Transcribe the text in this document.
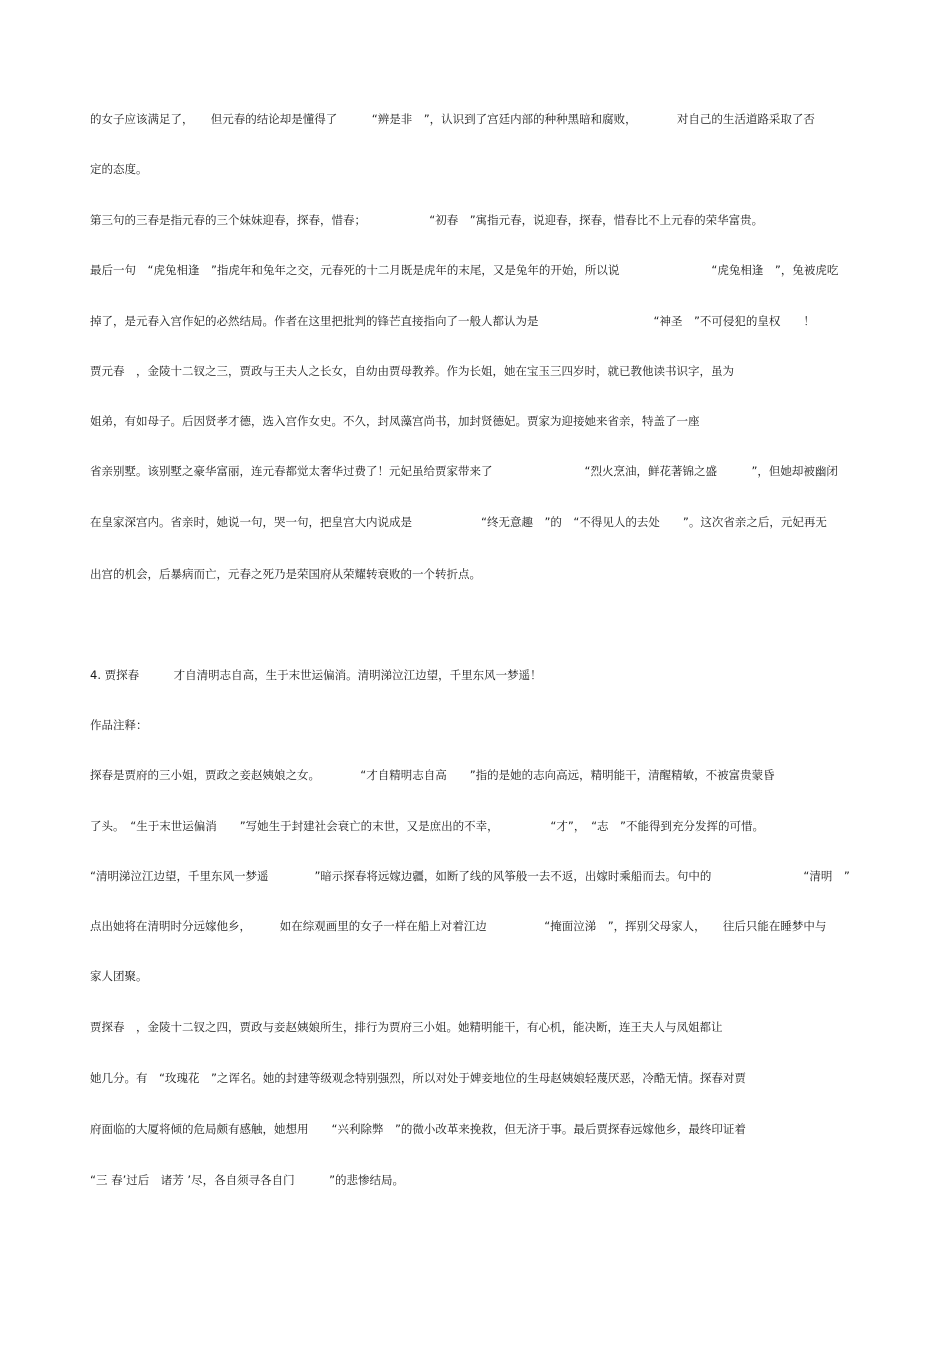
的女子应该满足了，　　但元春的结论却是懂得了　　　“辨是非　”，认识到了宫廷内部的种种黑暗和腐败，　　　　对自己的生活道路采取了否
定的态度。
第三句的三春是指元春的三个妹妹迎春，探春，惜春；　　　　　　“初春　”寓指元春，说迎春，探春，惜春比不上元春的荣华富贵。
最后一句　“虎兔相逢　”指虎年和兔年之交，元春死的十二月既是虎年的末尾，又是兔年的开始，所以说　　　　　　　　“虎兔相逢　”，兔被虎吃
掉了，是元春入宫作妃的必然结局。作者在这里把批判的锋芒直接指向了一般人都认为是　　　　　　　　　　“神圣　”不可侵犯的皇权　　！
贾元春　，金陵十二钗之三，贾政与王夫人之长女，自幼由贾母教养。作为长姐，她在宝玉三四岁时，就已教他读书识字，虽为
姐弟，有如母子。后因贤孝才德，选入宫作女史。不久，封凤藻宫尚书，加封贤德妃。贾家为迎接她来省亲，特盖了一座
省亲别墅。该别墅之豪华富丽，连元春都觉太奢华过费了！元妃虽给贾家带来了　　　　　　　　“烈火烹油，鲜花著锦之盛　　　”，但她却被幽闭
在皇家深宫内。省亲时，她说一句，哭一句，把皇宫大内说成是　　　　　　“终无意趣　”的　“不得见人的去处　　”。这次省亲之后，元妃再无
出宫的机会，后暴病而亡，元春之死乃是荣国府从荣耀转衰败的一个转折点。
4. 贾探春　　　才自清明志自高，生于末世运偏消。清明涕泣江边望，千里东风一梦遥！
作品注释：
探春是贾府的三小姐，贾政之妾赵姨娘之女。　　　　“才自精明志自高　　”指的是她的志向高远，精明能干，清醒精敏，不被富贵蒙昏
了头。　“生于末世运偏消　　”写她生于封建社会衰亡的末世，又是庶出的不幸，　　　　　“才”，　“志　”不能得到充分发挥的可惜。
“清明涕泣江边望，千里东风一梦遥　　　　”暗示探春将远嫁边疆，如断了线的风筝般一去不返，出嫁时乘船而去。句中的　　　　　　　　“清明　”
点出她将在清明时分远嫁他乡，　　　如在综观画里的女子一样在船上对着江边　　　　　“掩面泣涕　”，挥别父母家人，　　往后只能在睡梦中与
家人团聚。
贾探春　，金陵十二钗之四，贾政与妾赵姨娘所生，排行为贾府三小姐。她精明能干，有心机，能决断，连王夫人与凤姐都让
她几分。有　“玫瑰花　”之诨名。她的封建等级观念特别强烈，所以对处于婢妾地位的生母赵姨娘轻蔑厌恶，冷酷无情。探春对贾
府面临的大厦将倾的危局颇有感触，她想用　　“兴利除弊　”的微小改革来挽救，但无济于事。最后贾探春远嫁他乡，最终印证着
“三 春’过后　诸芳 ’尽，各自须寻各自门　　　”的悲惨结局。
